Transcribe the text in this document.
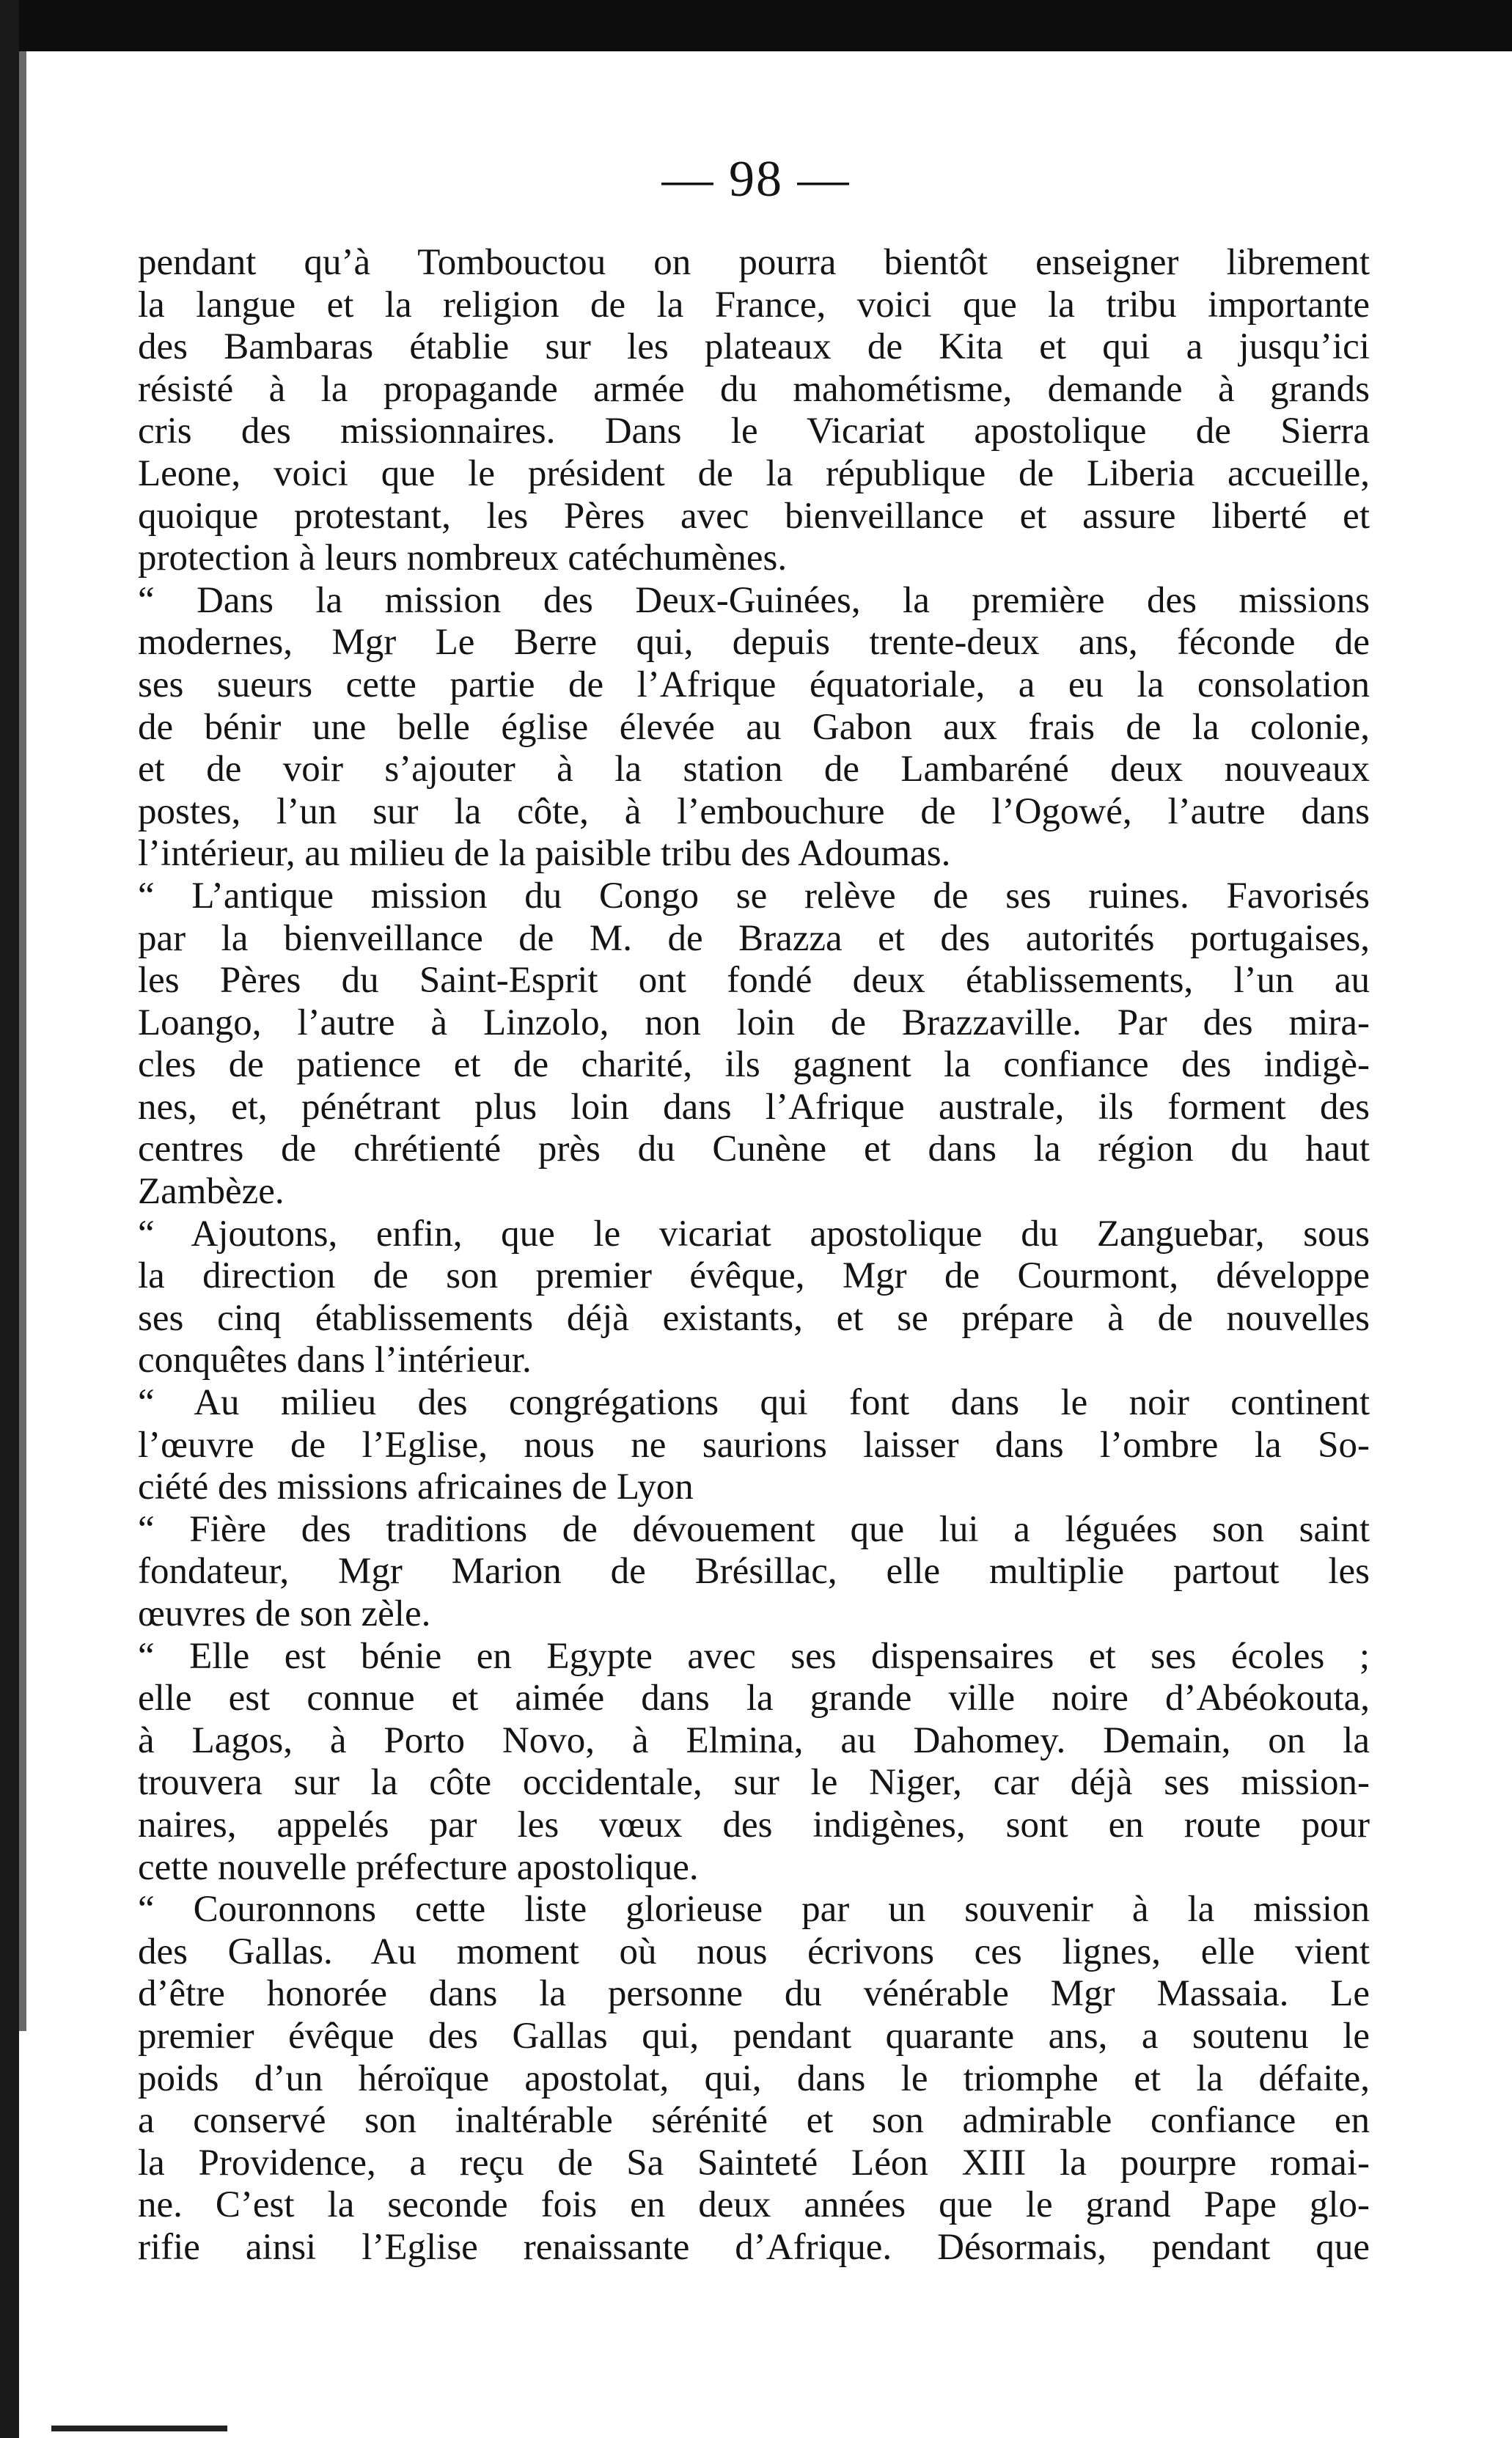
— 98 —
pendant qu’à Tombouctou on pourra bientôt enseigner librement
la langue et la religion de la France, voici que la tribu importante
des Bambaras établie sur les plateaux de Kita et qui a jusqu’ici
résisté à la propagande armée du mahométisme, demande à grands
cris des missionnaires. Dans le Vicariat apostolique de Sierra
Leone, voici que le président de la république de Liberia accueille,
quoique protestant, les Pères avec bienveillance et assure liberté et
protection à leurs nombreux catéchumènes.
“ Dans la mission des Deux-Guinées, la première des missions
modernes, Mgr Le Berre qui, depuis trente-deux ans, féconde de
ses sueurs cette partie de l’Afrique équatoriale, a eu la consolation
de bénir une belle église élevée au Gabon aux frais de la colonie,
et de voir s’ajouter à la station de Lambaréné deux nouveaux
postes, l’un sur la côte, à l’embouchure de l’Ogowé, l’autre dans
l’intérieur, au milieu de la paisible tribu des Adoumas.
“ L’antique mission du Congo se relève de ses ruines. Favorisés
par la bienveillance de M. de Brazza et des autorités portugaises,
les Pères du Saint-Esprit ont fondé deux établissements, l’un au
Loango, l’autre à Linzolo, non loin de Brazzaville. Par des mira-
cles de patience et de charité, ils gagnent la confiance des indigè-
nes, et, pénétrant plus loin dans l’Afrique australe, ils forment des
centres de chrétienté près du Cunène et dans la région du haut
Zambèze.
“ Ajoutons, enfin, que le vicariat apostolique du Zanguebar, sous
la direction de son premier évêque, Mgr de Courmont, développe
ses cinq établissements déjà existants, et se prépare à de nouvelles
conquêtes dans l’intérieur.
“ Au milieu des congrégations qui font dans le noir continent
l’œuvre de l’Eglise, nous ne saurions laisser dans l’ombre la So-
ciété des missions africaines de Lyon
“ Fière des traditions de dévouement que lui a léguées son saint
fondateur, Mgr Marion de Brésillac, elle multiplie partout les
œuvres de son zèle.
“ Elle est bénie en Egypte avec ses dispensaires et ses écoles ;
elle est connue et aimée dans la grande ville noire d’Abéokouta,
à Lagos, à Porto Novo, à Elmina, au Dahomey. Demain, on la
trouvera sur la côte occidentale, sur le Niger, car déjà ses mission-
naires, appelés par les vœux des indigènes, sont en route pour
cette nouvelle préfecture apostolique.
“ Couronnons cette liste glorieuse par un souvenir à la mission
des Gallas. Au moment où nous écrivons ces lignes, elle vient
d’être honorée dans la personne du vénérable Mgr Massaia. Le
premier évêque des Gallas qui, pendant quarante ans, a soutenu le
poids d’un héroïque apostolat, qui, dans le triomphe et la défaite,
a conservé son inaltérable sérénité et son admirable confiance en
la Providence, a reçu de Sa Sainteté Léon XIII la pourpre romai-
ne. C’est la seconde fois en deux années que le grand Pape glo-
rifie ainsi l’Eglise renaissante d’Afrique. Désormais, pendant que
